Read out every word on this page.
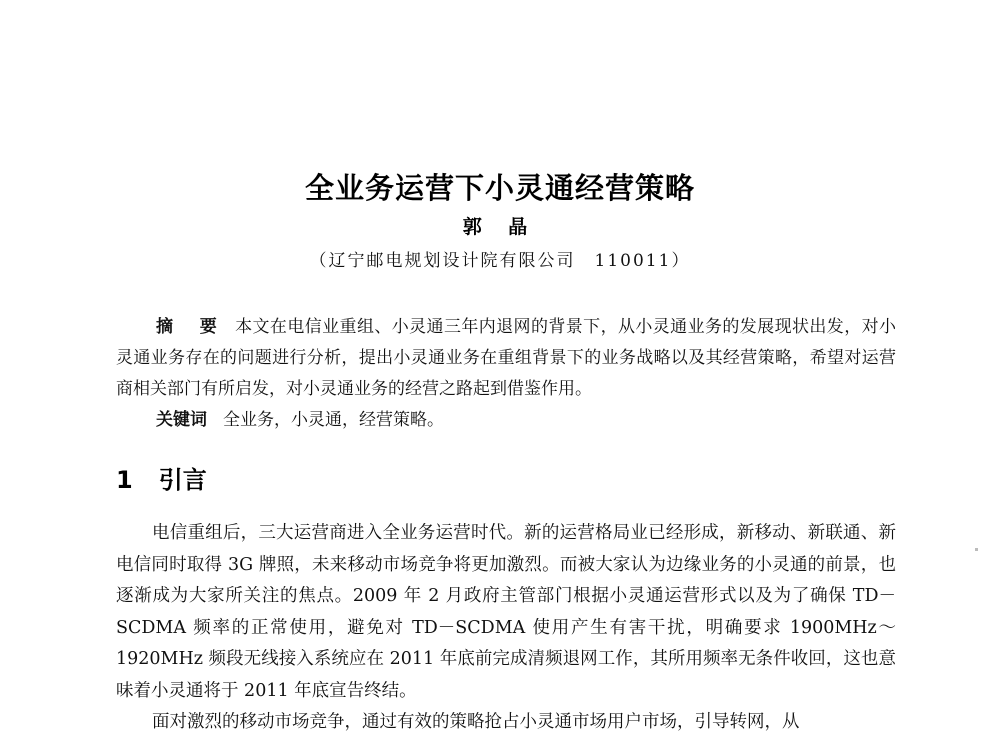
全业务运营下小灵通经营策略
郭 晶
（辽宁邮电规划设计院有限公司　110011）

摘 要 本文在电信业重组、小灵通三年内退网的背景下，从小灵通业务的发展现状出发，对小灵通业务存在的问题进行分析，提出小灵通业务在重组背景下的业务战略以及其经营策略，希望对运营商相关部门有所启发，对小灵通业务的经营之路起到借鉴作用。

关键词 全业务，小灵通，经营策略。

1 引言

电信重组后，三大运营商进入全业务运营时代。新的运营格局业已经形成，新移动、新联通、新电信同时取得 3G 牌照，未来移动市场竞争将更加激烈。而被大家认为边缘业务的小灵通的前景，也逐渐成为大家所关注的焦点。2009 年 2 月政府主管部门根据小灵通运营形式以及为了确保 TD－SCDMA 频率的正常使用，避免对 TD－SCDMA 使用产生有害干扰，明确要求 1900MHz～1920MHz 频段无线接入系统应在 2011 年底前完成清频退网工作，其所用频率无条件收回，这也意味着小灵通将于 2011 年底宣告终结。

面对激烈的移动市场竞争，通过有效的策略抢占小灵通市场用户市场，引导转网，从
